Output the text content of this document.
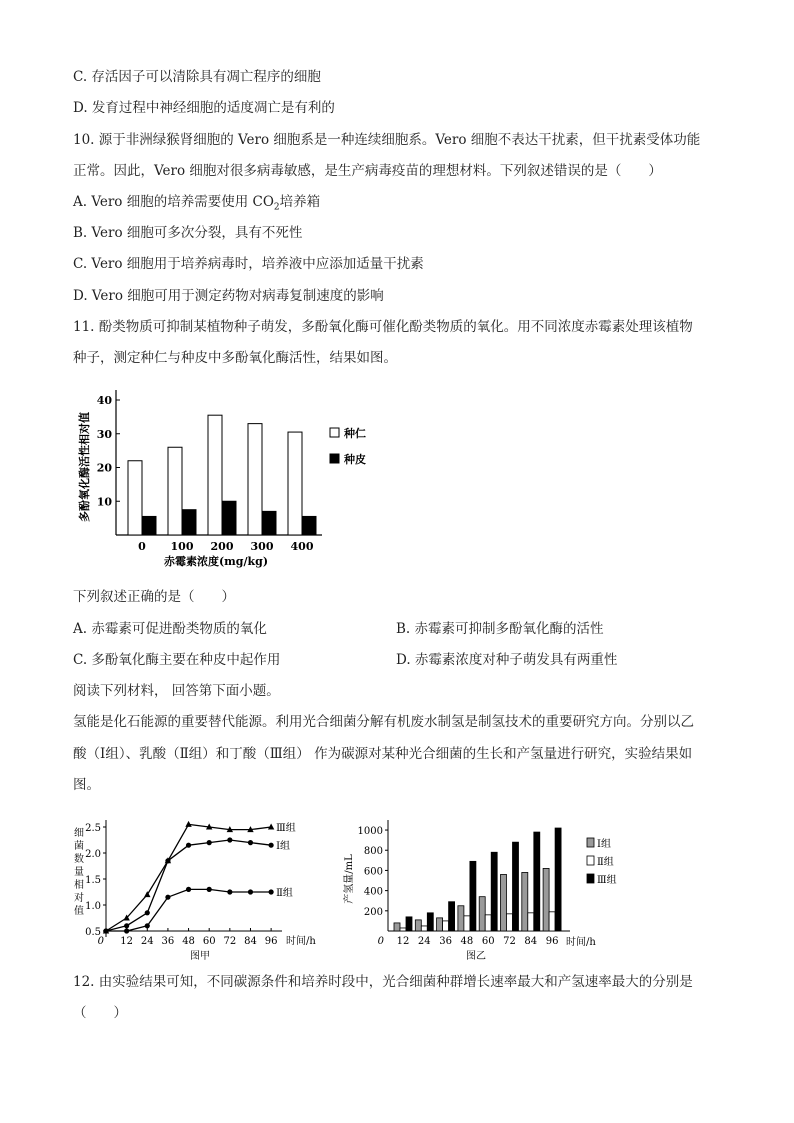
C. 存活因子可以清除具有凋亡程序的细胞
D. 发育过程中神经细胞的适度凋亡是有利的
10. 源于非洲绿猴肾细胞的 Vero 细胞系是一种连续细胞系。Vero 细胞不表达干扰素，但干扰素受体功能
正常。因此，Vero 细胞对很多病毒敏感，是生产病毒疫苗的理想材料。下列叙述错误的是（　　）
A. Vero 细胞的培养需要使用 $CO_2$培养箱
B. Vero 细胞可多次分裂，具有不死性
C. Vero 细胞用于培养病毒时，培养液中应添加适量干扰素
D. Vero 细胞可用于测定药物对病毒复制速度的影响
11. 酚类物质可抑制某植物种子萌发，多酚氧化酶可催化酚类物质的氧化。用不同浓度赤霉素处理该植物
种子，测定种仁与种皮中多酚氧化酶活性，结果如图。
10
20
30
40
多酚氧化酶活性相对值
0 100 200 300 400
赤霉素浓度(mg/kg)
种仁
种皮
下列叙述正确的是（　　）
A. 赤霉素可促进酚类物质的氧化	B. 赤霉素可抑制多酚氧化酶的活性
C. 多酚氧化酶主要在种皮中起作用	D. 赤霉素浓度对种子萌发具有两重性
阅读下列材料， 回答第下面小题。
氢能是化石能源的重要替代能源。利用光合细菌分解有机废水制氢是制氢技术的重要研究方向。分别以乙
酸（Ⅰ组）、乳酸（Ⅱ组）和丁酸（Ⅲ组） 作为碳源对某种光合细菌的生长和产氢量进行研究，实验结果如
图。
0.5
1.0
1.5
2.0
2.5
细
菌
数
量
相
对
值
0 12 24 36 48 60 72 84 96 时间/h
图甲
Ⅲ组
Ⅰ组
Ⅱ组
200
400
600
800
1000
产氢量/mL
0 12 24 36 48 60 72 84 96 时间/h
图乙
Ⅰ组
Ⅱ组
Ⅲ组
12. 由实验结果可知，不同碳源条件和培养时段中，光合细菌种群增长速率最大和产氢速率最大的分别是
（　　）
